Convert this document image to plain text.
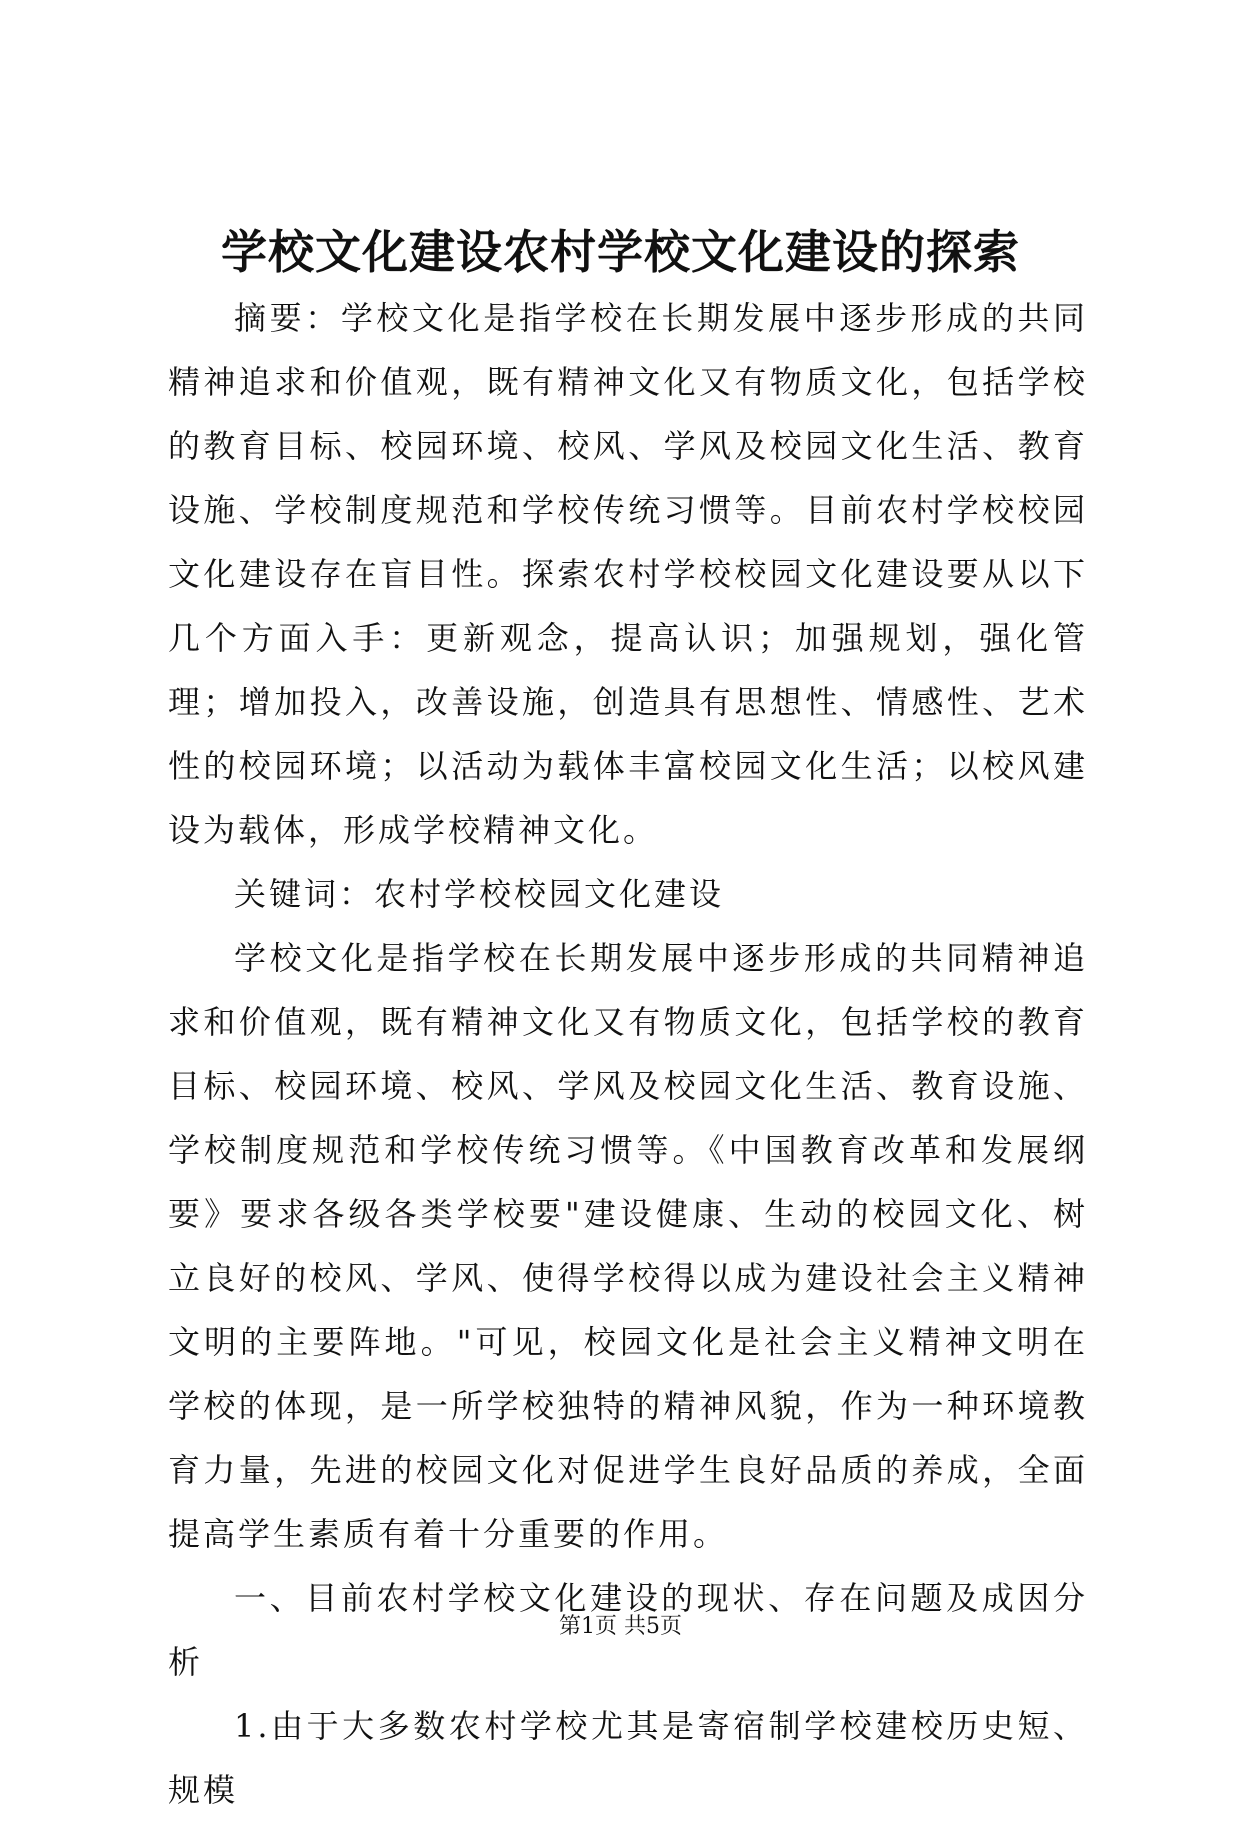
学校文化建设农村学校文化建设的探索

摘要：学校文化是指学校在长期发展中逐步形成的共同精神追求和价值观，既有精神文化又有物质文化，包括学校的教育目标、校园环境、校风、学风及校园文化生活、教育设施、学校制度规范和学校传统习惯等。目前农村学校校园文化建设存在盲目性。探索农村学校校园文化建设要从以下几个方面入手：更新观念，提高认识；加强规划，强化管理；增加投入，改善设施，创造具有思想性、情感性、艺术性的校园环境；以活动为载体丰富校园文化生活；以校风建设为载体，形成学校精神文化。

关键词：农村学校校园文化建设

学校文化是指学校在长期发展中逐步形成的共同精神追求和价值观，既有精神文化又有物质文化，包括学校的教育目标、校园环境、校风、学风及校园文化生活、教育设施、学校制度规范和学校传统习惯等。《中国教育改革和发展纲要》要求各级各类学校要"建设健康、生动的校园文化、树立良好的校风、学风、使得学校得以成为建设社会主义精神文明的主要阵地。"可见，校园文化是社会主义精神文明在学校的体现，是一所学校独特的精神风貌，作为一种环境教育力量，先进的校园文化对促进学生良好品质的养成，全面提高学生素质有着十分重要的作用。

一、目前农村学校文化建设的现状、存在问题及成因分析

1.由于大多数农村学校尤其是寄宿制学校建校历史短、规模

第1页 共5页
